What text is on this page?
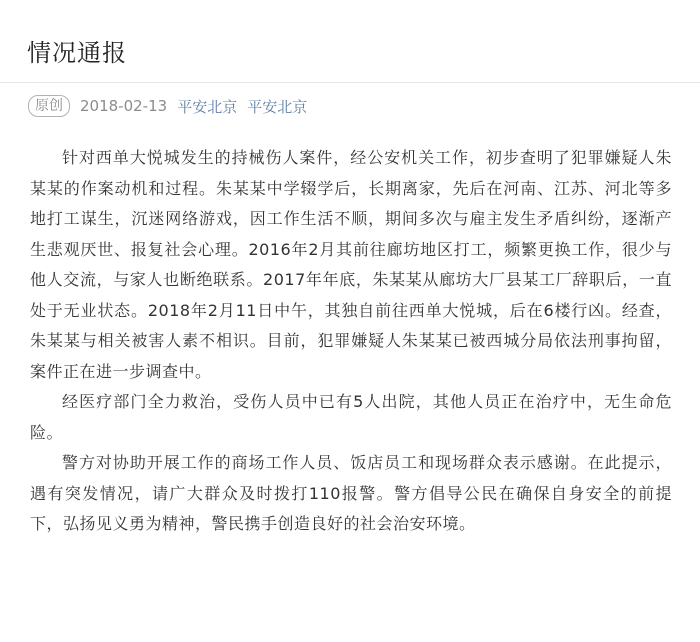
情况通报
原创	2018-02-13 平安北京 平安北京

针对西单大悦城发生的持械伤人案件，经公安机关工作，初步查明了犯罪嫌疑人朱某某的作案动机和过程。朱某某中学辍学后，长期离家，先后在河南、江苏、河北等多地打工谋生，沉迷网络游戏，因工作生活不顺，期间多次与雇主发生矛盾纠纷，逐渐产生悲观厌世、报复社会心理。2016年2月其前往廊坊地区打工，频繁更换工作，很少与他人交流，与家人也断绝联系。2017年年底，朱某某从廊坊大厂县某工厂辞职后，一直处于无业状态。2018年2月11日中午，其独自前往西单大悦城，后在6楼行凶。经查，朱某某与相关被害人素不相识。目前，犯罪嫌疑人朱某某已被西城分局依法刑事拘留，案件正在进一步调查中。

经医疗部门全力救治，受伤人员中已有5人出院，其他人员正在治疗中，无生命危险。

警方对协助开展工作的商场工作人员、饭店员工和现场群众表示感谢。在此提示，遇有突发情况，请广大群众及时拨打110报警。警方倡导公民在确保自身安全的前提下，弘扬见义勇为精神，警民携手创造良好的社会治安环境。
